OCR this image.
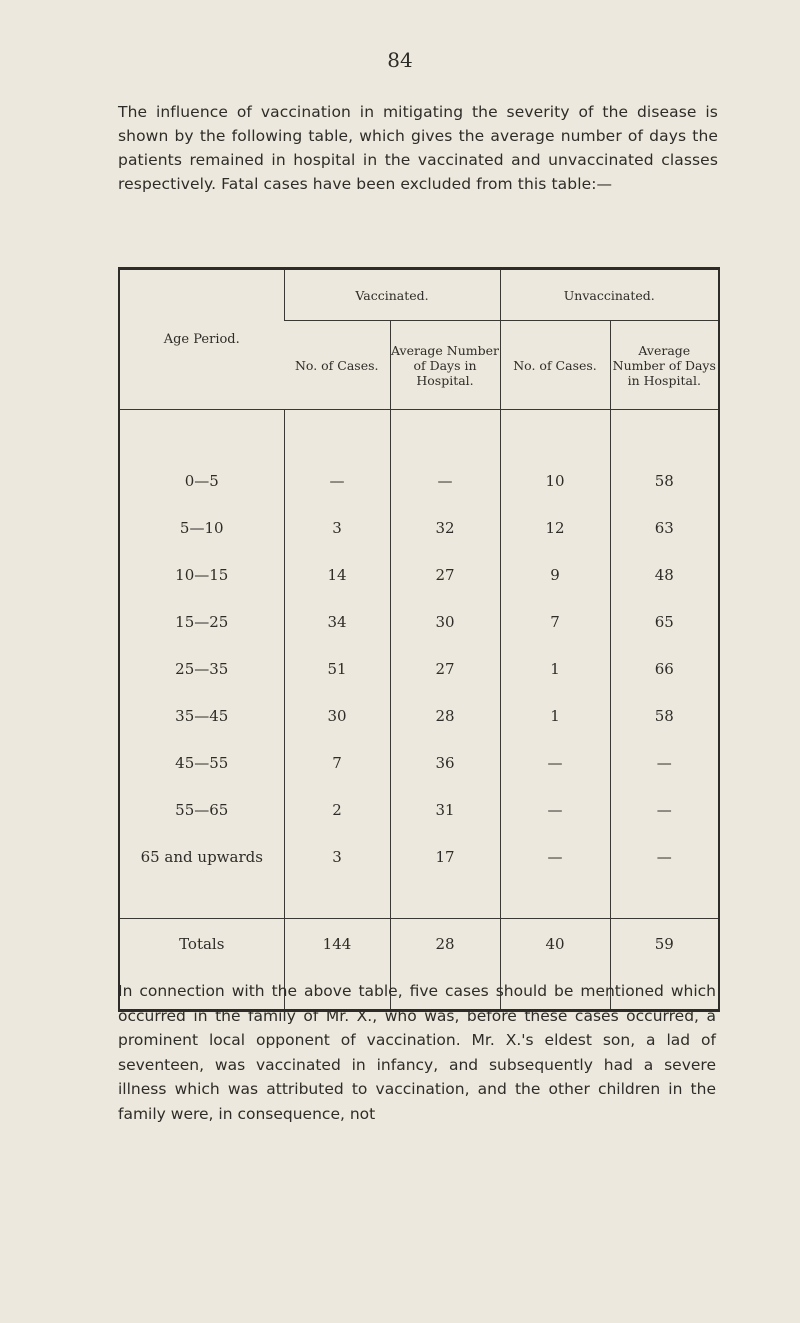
84

The influence of vaccination in mitigating the severity of the disease is shown by the following table, which gives the average number of days the patients remained in hospital in the vaccinated and unvaccinated classes respectively. Fatal cases have been excluded from this table:—

Age Period.	Vaccinated.		Unvaccinated.	
	No. of Cases.	Average Number of Days in Hospital.	No. of Cases.	Average Number of Days in Hospital.

0—5	—	—	10	58
5—10	3	32	12	63
10—15	14	27	9	48
15—25	34	30	7	65
25—35	51	27	1	66
35—45	30	28	1	58
45—55	7	36	—	—
55—65	2	31	—	—
65 and upwards	3	17	—	—

Totals	144	28	40	59

In connection with the above table, five cases should be mentioned which occurred in the family of Mr. X., who was, before these cases occurred, a prominent local opponent of vaccination. Mr. X.'s eldest son, a lad of seventeen, was vaccinated in infancy, and subsequently had a severe illness which was attributed to vaccination, and the other children in the family were, in consequence, not
